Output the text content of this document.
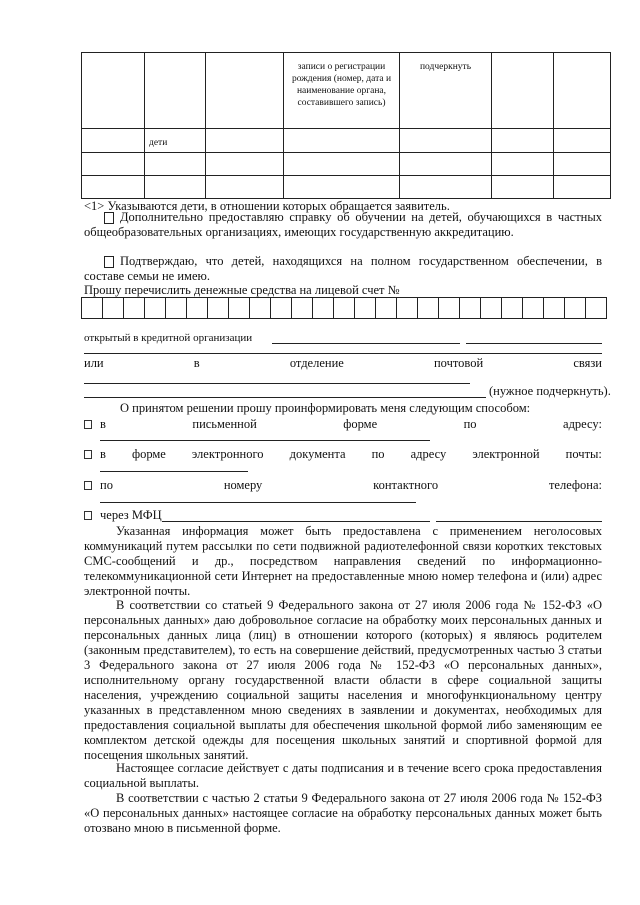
			записи о регистрации рождения (номер, дата и наименование органа, составившего запись)	подчеркнуть		
	дети					

<1> Указываются дети, в отношении которых обращается заявитель.

Дополнительно предоставляю справку об обучении на детей, обучающихся в частных общеобразовательных организациях, имеющих государственную аккредитацию.

Подтверждаю, что детей, находящихся на полном государственном обеспечении, в составе семьи не имею.

Прошу перечислить денежные средства на лицевой счет №

открытый в кредитной организации
или	в	отделение	почтовой	связи
(нужное подчеркнуть).
О принятом решении прошу проинформировать меня следующим способом:
в	письменной	форме	по	адресу:
в форме электронного документа по адресу электронной почты:
по	номеру	контактного	телефона:
через МФЦ

Указанная информация может быть предоставлена с применением неголосовых коммуникаций путем рассылки по сети подвижной радиотелефонной связи коротких текстовых СМС-сообщений и др., посредством направления сведений по информационно-телекоммуникационной сети Интернет на предоставленные мною номер телефона и (или) адрес электронной почты.

В соответствии со статьей 9 Федерального закона от 27 июля 2006 года № 152-ФЗ «О персональных данных» даю добровольное согласие на обработку моих персональных данных и персональных данных лица (лиц) в отношении которого (которых) я являюсь родителем (законным представителем), то есть на совершение действий, предусмотренных частью 3 статьи 3 Федерального закона от 27 июля 2006 года № 152-ФЗ «О персональных данных», исполнительному органу государственной власти области в сфере социальной защиты населения, учреждению социальной защиты населения и многофункциональному центру указанных в представленном мною сведениях в заявлении и документах, необходимых для предоставления социальной выплаты для обеспечения школьной формой либо заменяющим ее комплектом детской одежды для посещения школьных занятий и спортивной формой для посещения школьных занятий.

Настоящее согласие действует с даты подписания и в течение всего срока предоставления социальной выплаты.

В соответствии с частью 2 статьи 9 Федерального закона от 27 июля 2006 года № 152-ФЗ «О персональных данных» настоящее согласие на обработку персональных данных может быть отозвано мною в письменной форме.
